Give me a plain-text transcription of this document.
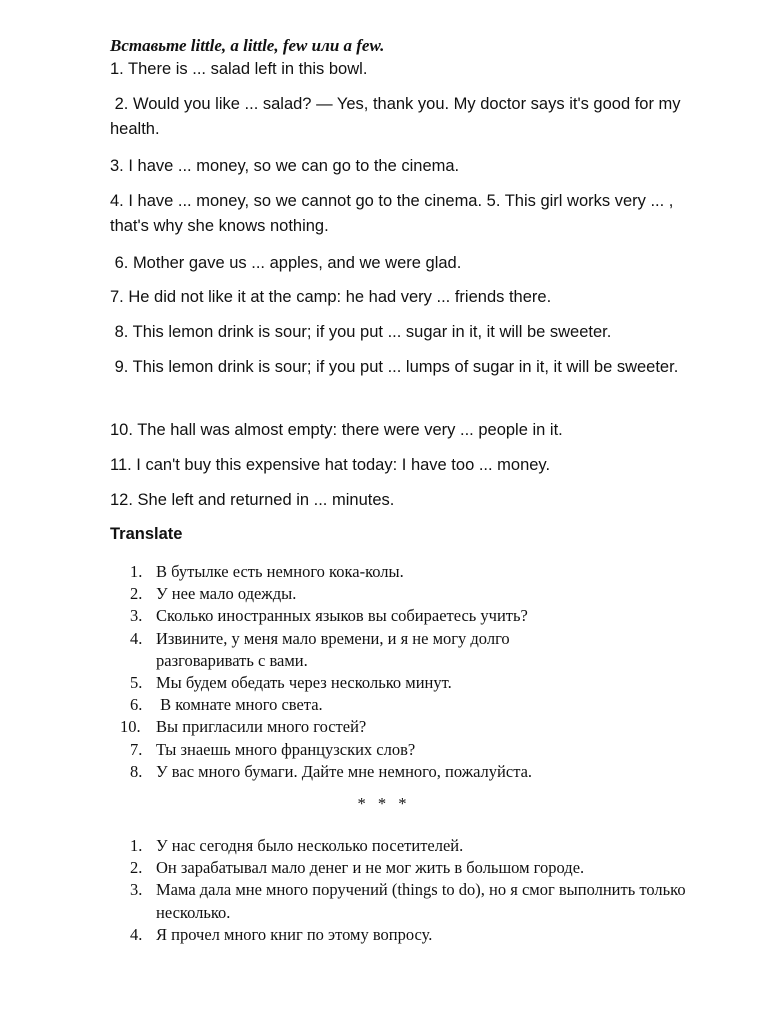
Вставьте little, a little, few или a few.

1. There is ... salad left in this bowl.

2. Would you like ... salad? — Yes, thank you. My doctor says it's good for my health.

3. I have ... money, so we can go to the cinema.

4. I have ... money, so we cannot go to the cinema. 5. This girl works very ... , that's why she knows nothing.

6. Mother gave us ... apples, and we were glad.

7. He did not like it at the camp: he had very ... friends there.

8. This lemon drink is sour; if you put ... sugar in it, it will be sweeter.

9. This lemon drink is sour; if you put ... lumps of sugar in it, it will be sweeter.

10. The hall was almost empty: there were very ... people in it.

11. I can't buy this expensive hat today: I have too ... money.

12. She left and returned in ... minutes.

Translate

1. В бутылке есть немного кока-колы.
2. У нее мало одежды.
3. Сколько иностранных языков вы собираетесь учить?
4. Извините, у меня мало времени, и я не могу долго разговаривать с вами.
5. Мы будем обедать через несколько минут.
6. В комнате много света.
10. Вы пригласили много гостей?
7. Ты знаешь много французских слов?
8. У вас много бумаги. Дайте мне немного, пожалуйста.

* * *

1. У нас сегодня было несколько посетителей.
2. Он зарабатывал мало денег и не мог жить в большом городе.
3. Мама дала мне много поручений (things to do), но я смог выполнить только несколько.
4. Я прочел много книг по этому вопросу.
